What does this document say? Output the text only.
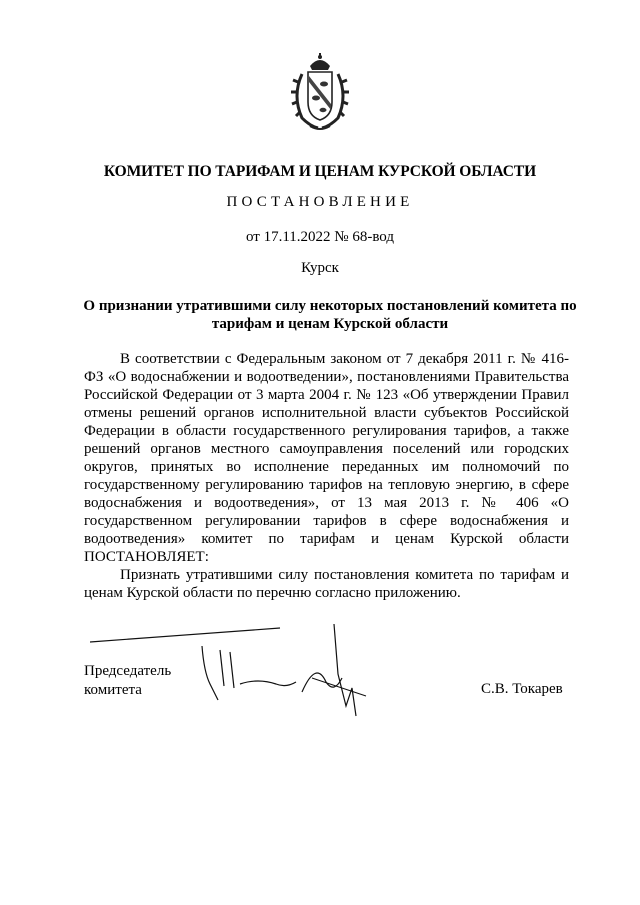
КОМИТЕТ ПО ТАРИФАМ И ЦЕНАМ КУРСКОЙ ОБЛАСТИ
ПОСТАНОВЛЕНИЕ
от 17.11.2022 № 68-вод
Курск
О признании утратившими силу некоторых постановлений комитета по тарифам и ценам Курской области

В соответствии с Федеральным законом от 7 декабря 2011 г. № 416-ФЗ «О водоснабжении и водоотведении», постановлениями Правительства Российской Федерации от 3 марта 2004 г. № 123 «Об утверждении Правил отмены решений органов исполнительной власти субъектов Российской Федерации в области государственного регулирования тарифов, а также решений органов местного самоуправления поселений или городских округов, принятых во исполнение переданных им полномочий по государственному регулированию тарифов на тепловую энергию, в сфере водоснабжения и водоотведения», от 13 мая 2013 г. № 406 «О государственном регулировании тарифов в сфере водоснабжения и водоотведения» комитет по тарифам и ценам Курской области ПОСТАНОВЛЯЕТ:

Признать утратившими силу постановления комитета по тарифам и ценам Курской области по перечню согласно приложению.

Председатель
комитета	С.В. Токарев
